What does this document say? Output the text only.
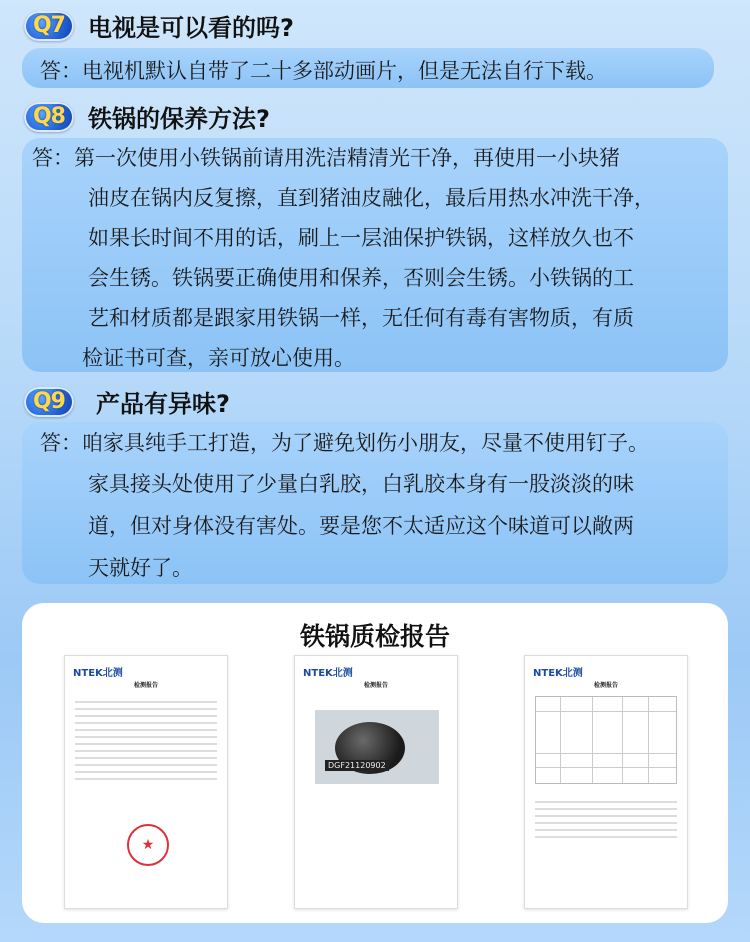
Q7 电视是可以看的吗?
答：电视机默认自带了二十多部动画片，但是无法自行下载。
Q8 铁锅的保养方法?
答：第一次使用小铁锅前请用洗洁精清光干净，再使用一小块猪
油皮在锅内反复擦，直到猪油皮融化，最后用热水冲洗干净，
如果长时间不用的话，刷上一层油保护铁锅，这样放久也不
会生锈。铁锅要正确使用和保养，否则会生锈。小铁锅的工
艺和材质都是跟家用铁锅一样，无任何有毒有害物质，有质
检证书可查，亲可放心使用。
Q9	产品有异味?
答：咱家具纯手工打造，为了避免划伤小朋友，尽量不使用钉子。
家具接头处使用了少量白乳胶，白乳胶本身有一股淡淡的味
道，但对身体没有害处。要是您不太适应这个味道可以敞两
天就好了。
铁锅质检报告
NTEK北测
检测报告
★
NTEK北测
检测报告
DGF21120902
NTEK北测
检测报告
